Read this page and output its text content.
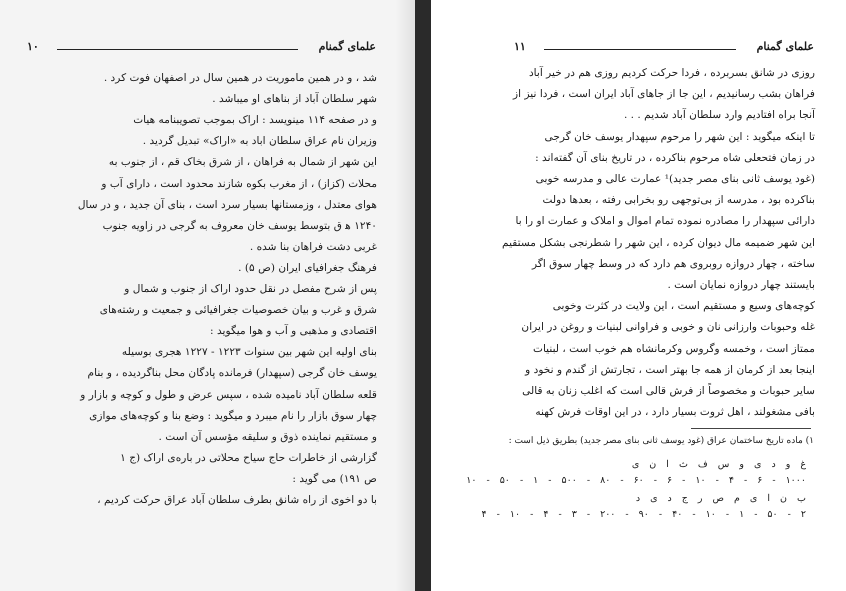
علمای گمنام
۱۰
شد ، و در همین ماموریت در همین سال در اصفهان فوت کرد .
شهر سلطان آباد از بناهای او میباشد .
و در صفحه ۱۱۴ مینویسد : اراک بموجب تصویبنامه هیات
وزیران نام عراق سلطان اباد به «اراک» تبدیل گردید .
این شهر از شمال به فراهان ، از شرق بخاک قم ، از جنوب به
محلات (کزاز) ، از مغرب بکوه شازند محدود است ، دارای آب و
هوای معتدل ، وزمستانها بسیار سرد است ، بنای آن جدید ، و در سال
۱۲۴۰ ه‍ ق بتوسط یوسف خان معروف به گرجی در زاویه جنوب
غربی دشت فراهان بنا شده .
فرهنگ جغرافیای ایران (ص ۵) .
پس از شرح مفصل در نقل حدود اراک از جنوب و شمال و
شرق و غرب و بیان خصوصیات جغرافیائی و جمعیت و رشته‌های
اقتصادی و مذهبی و آب و هوا میگوید :
بنای اولیه این شهر بین سنوات ۱۲۲۳ - ۱۲۲۷ هجری بوسیله
یوسف خان گرجی (سپهدار) فرمانده پادگان محل بناگردیده ، و بنام
قلعه سلطان آباد نامیده شده ، سپس عرض و طول و کوچه و بازار و
چهار سوق بازار را نام میبرد و میگوید : وضع بنا و کوچه‌های موازی
و مستقیم نماینده ذوق و سلیقه مؤسس آن است .
گزارشی از خاطرات حاج سیاح محلاتی در باره‌ی اراک (ج ۱
ص ۱۹۱) می گوید :
با دو اخوی از راه شانق بطرف سلطان آباد عراق حرکت کردیم ،
علمای گمنام
۱۱
روزی در شانق بسربرده ، فردا حرکت کردیم روزی هم در خیر آباد
فراهان بشب رسانیدیم ، این جا از جاهای آباد ایران است ، فردا نیز از
آنجا براه افتادیم وارد سلطان آباد شدیم . . .
تا اینکه میگوید : این شهر را مرحوم سپهدار یوسف خان گرجی
در زمان فتحعلی شاه مرحوم بناکرده ، در تاریخ بنای آن گفته‌اند :
(غود یوسف ثانی بنای مصر جدید)¹ عمارت عالی و مدرسه خوبی
بناکرده بود ، مدرسه از بی‌توجهی رو بخرابی رفته ، بعدها دولت
دارائی سپهدار را مصادره نموده تمام اموال و املاک و عمارت او را با
این شهر ضمیمه مال دیوان کرده ، این شهر را شطرنجی بشکل مستقیم
ساخته ، چهار دروازه روبروی هم دارد که در وسط چهار سوق اگر
بایستند چهار دروازه نمایان است .
کوچه‌های وسیع و مستقیم است ، این ولایت در کثرت وخوبی
غله وحبوبات وارزانی نان و خوبی و فراوانی لبنیات و روغن در ایران
ممتاز است ، وخمسه وگروس وکرمانشاه هم خوب است ، لبنیات
اینجا بعد از کرمان از همه جا بهتر است ، تجارتش از گندم و نخود و
سایر حبوبات و مخصوصاً از فرش قالی است که اغلب زنان به قالی
بافی مشغولند ، اهل ثروت بسیار دارد ، در این اوقات فرش کهنه
۱) ماده تاریخ ساختمان عراق (غود یوسف ثانی بنای مصر جدید) بطریق ذیل است :
غ و د ی و س ف ث ا ن ی
۱۰۰۰ - ۶ - ۴ - ۱۰ - ۶ - ۶۰ - ۸۰ - ۵۰۰ - ۱ - ۵۰ - ۱۰
ب ن ا ی م ص ر ج د ی د
۲ - ۵۰ - ۱ - ۱۰ - ۴۰ - ۹۰ - ۲۰۰ - ۳ - ۴ - ۱۰ - ۴
